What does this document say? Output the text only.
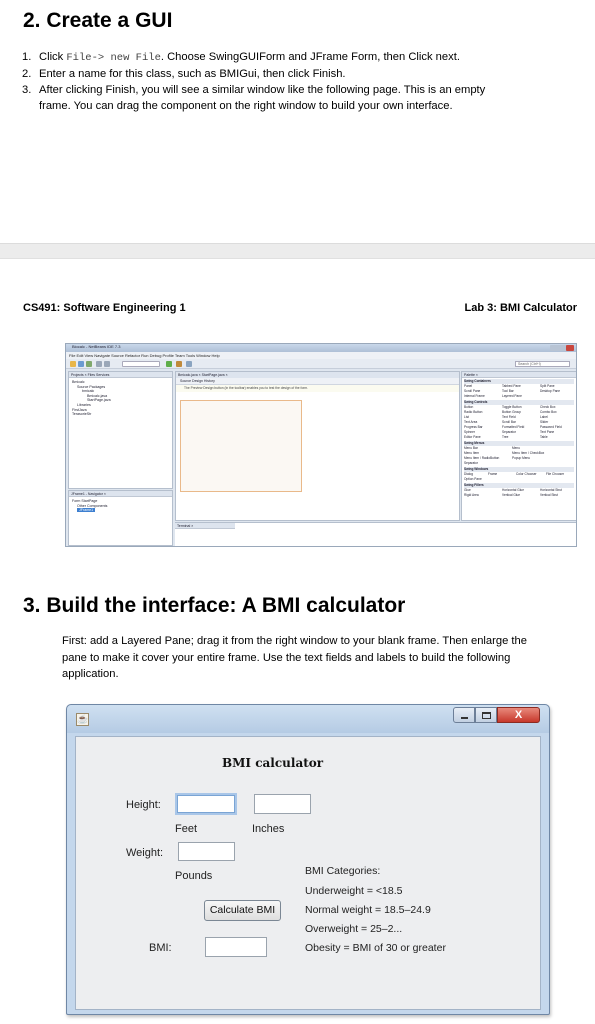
2. Create a GUI
1. Click File-> new File. Choose SwingGUIForm and JFrame Form, then Click next.
2. Enter a name for this class, such as BMIGui, then click Finish.
3. After clicking Finish, you will see a similar window like the following page. This is an empty
frame. You can drag the component on the right window to build your own interface.
CS491: Software Engineering 1	Lab 3: BMI Calculator
Biocalc - NetBeans IDE 7.3
File Edit View Navigate Source Refactor Run Debug Profile Team Tools Window Help
Search (Ctrl+I)
Projects × Files Services
Bmicalc
Source Packages
bmicalc
Bmicalc.java
StartPage.java
Libraries
FirstJava
TerasorieStr
JFrame1 - Navigator ×
Form StartPage
Other Components
JFrame1
Bmicalc.java × StartPage.java ×
Source Design History
The Preview Design button (in the toolbar) enables you to test the design of the form.
Terminal ×
Palette ×
Swing Containers
Panel	Tabbed Pane	Split Pane
Scroll Pane	Tool Bar	Desktop Pane
Internal Frame	Layered Pane
Swing Controls
Button	Toggle Button	Check Box
Radio Button	Button Group	Combo Box
List	Text Field	Label
Text Area	Scroll Bar	Slider
Progress Bar	Formatted Field	Password Field
Spinner	Separator	Text Pane
Editor Pane	Tree	Table
Swing Menus
Menu Bar	Menu
Menu Item	Menu Item / CheckBox
Menu Item / RadioButton	Popup Menu
Separator
Swing Windows
Dialog	Frame	Color Chooser	File Chooser
Option Pane
Swing Fillers
Glue	Horizontal Glue	Horizontal Strut
Rigid Area	Vertical Glue	Vertical Strut
3. Build the interface: A BMI calculator
First: add a Layered Pane; drag it from the right window to your blank frame. Then enlarge the
pane to make it cover your entire frame. Use the text fields and labels to build the following
application.
☕	X
BMI calculator
Height:
Feet	Inches
Weight:
Pounds
Calculate BMI
BMI:
BMI Categories:
Underweight = <18.5
Normal weight = 18.5–24.9
Overweight = 25–2...
Obesity = BMI of 30 or greater
